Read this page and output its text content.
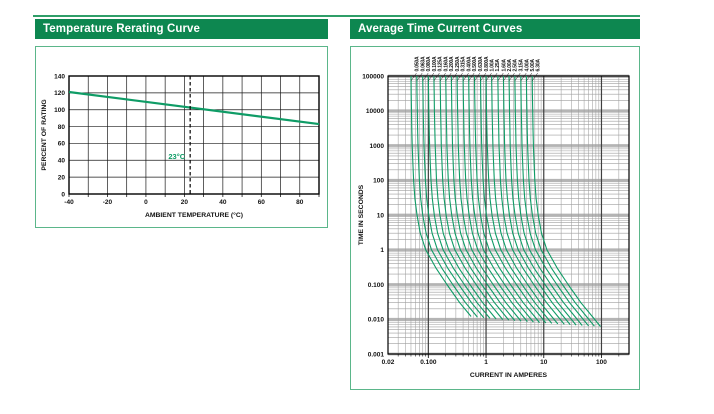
Temperature Rerating Curve
23°C
-40	-20	0	20	40	60	80
0
20
40
60
80
100
120
140
AMBIENT TEMPERATURE (°C)
PERCENT OF RATING
Average Time Current Curves
0.050A 0.063A 0.080A 0.100A 0.125A 0.160A 0.200A 0.250A 0.315A 0.400A 0.500A 0.630A 0.800A 1.00A 1.25A 1.60A 2.00A 2.50A 3.15A 4.00A 5.00A 6.30A
100000
10000
1000
100
10
1
0.100
0.010
0.001
0.02	0.100	1	10	100
CURRENT IN AMPERES
TIME IN SECONDS
